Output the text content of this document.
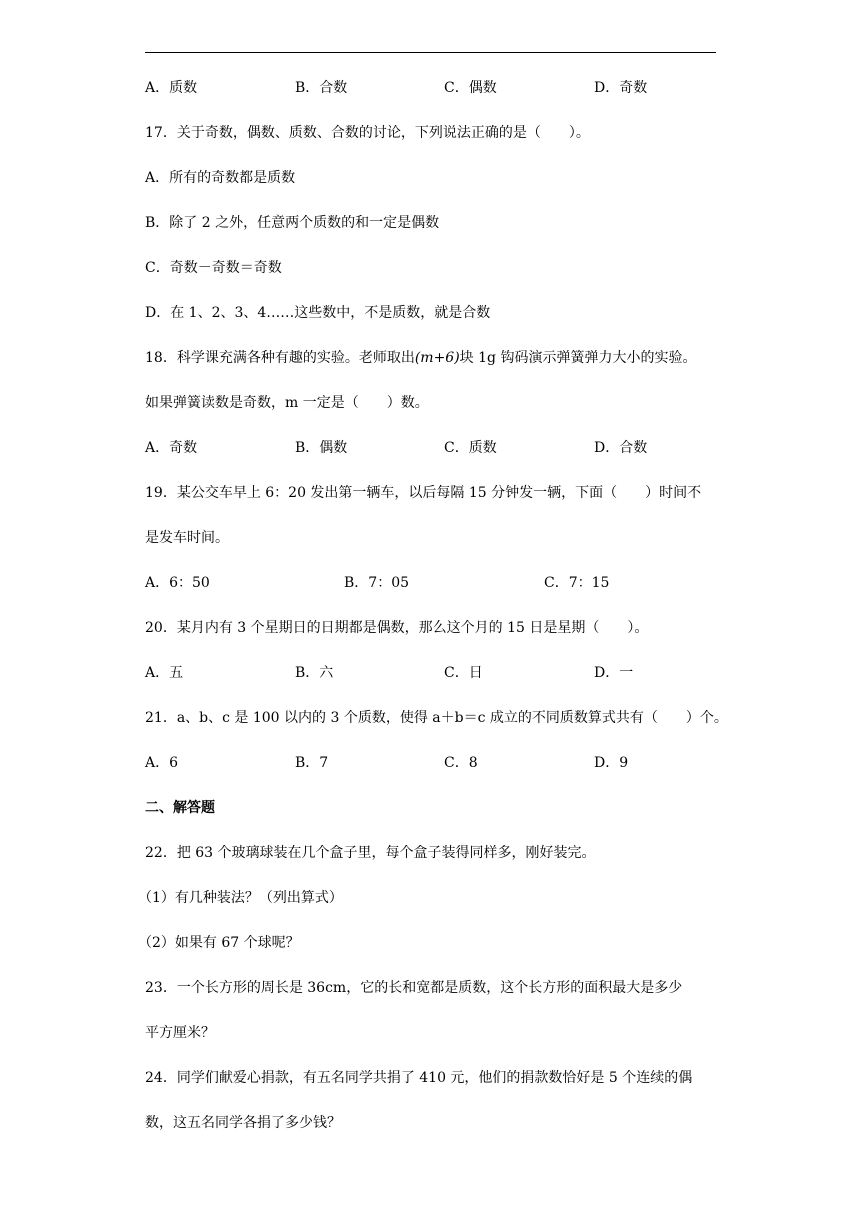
A．质数	B．合数	C．偶数	D．奇数
17．关于奇数，偶数、质数、合数的讨论，下列说法正确的是（　　）。
A．所有的奇数都是质数
B．除了 2 之外，任意两个质数的和一定是偶数
C．奇数－奇数＝奇数
D．在 1、2、3、4……这些数中，不是质数，就是合数
18．科学课充满各种有趣的实验。老师取出(m+6)块 1g 钩码演示弹簧弹力大小的实验。
如果弹簧读数是奇数，m 一定是（　　）数。
A．奇数	B．偶数	C．质数	D．合数
19．某公交车早上 6：20 发出第一辆车，以后每隔 15 分钟发一辆，下面（　　）时间不
是发车时间。
A．6：50	B．7：05	C．7：15
20．某月内有 3 个星期日的日期都是偶数，那么这个月的 15 日是星期（　　）。
A．五	B．六	C．日	D．一
21．a、b、c 是 100 以内的 3 个质数，使得 a＋b＝c 成立的不同质数算式共有（　　）个。
A．6	B．7	C．8	D．9
二、解答题
22．把 63 个玻璃球装在几个盒子里，每个盒子装得同样多，刚好装完。
（1）有几种装法？（列出算式）
（2）如果有 67 个球呢？
23．一个长方形的周长是 36cm，它的长和宽都是质数，这个长方形的面积最大是多少
平方厘米？
24．同学们献爱心捐款，有五名同学共捐了 410 元，他们的捐款数恰好是 5 个连续的偶
数，这五名同学各捐了多少钱？
